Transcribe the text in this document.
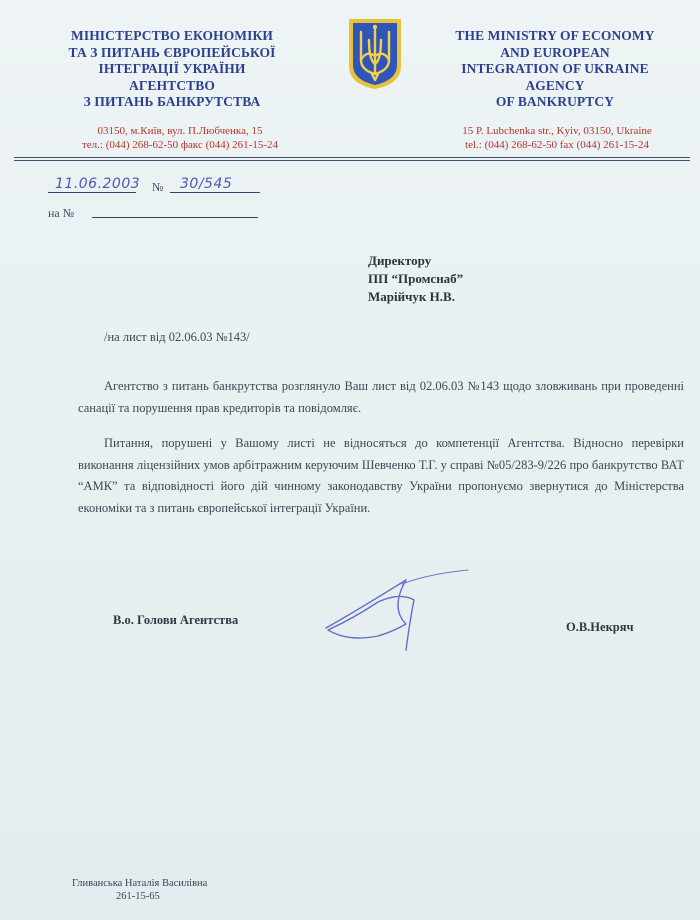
МІНІСТЕРСТВО ЕКОНОМІКИ
ТА З ПИТАНЬ ЄВРОПЕЙСЬКОЇ
ІНТЕГРАЦІЇ УКРАЇНИ
АГЕНТСТВО
З ПИТАНЬ БАНКРУТСТВА
THE MINISTRY OF ECONOMY
AND EUROPEAN
INTEGRATION OF UKRAINE
AGENCY
OF BANKRUPTCY
03150, м.Київ, вул. П.Любченка, 15
тел.: (044) 268-62-50 факс (044) 261-15-24
15 P. Lubchenka str., Kyiv, 03150, Ukraine
tel.: (044) 268-62-50 fax (044) 261-15-24
11.06.2003 № 30/545
на №
Директору
ПП “Промснаб”
Марійчук Н.В.
/на лист від 02.06.03 №143/
Агентство з питань банкрутства розглянуло Ваш лист від 02.06.03 №143 щодо зловживань при проведенні санації та порушення прав кредиторів та повідомляє.
Питання, порушені у Вашому листі не відносяться до компетенції Агентства. Відносно перевірки виконання ліцензійних умов арбітражним керуючим Шевченко Т.Г. у справі №05/283-9/226 про банкрутство ВАТ “АМК” та відповідності його дій чинному законодавству України пропонуємо звернутися до Міністерства економіки та з питань європейської інтеграції України.
В.о. Голови Агентства	О.В.Некряч
Гливанська Наталія Василівна
261-15-65
